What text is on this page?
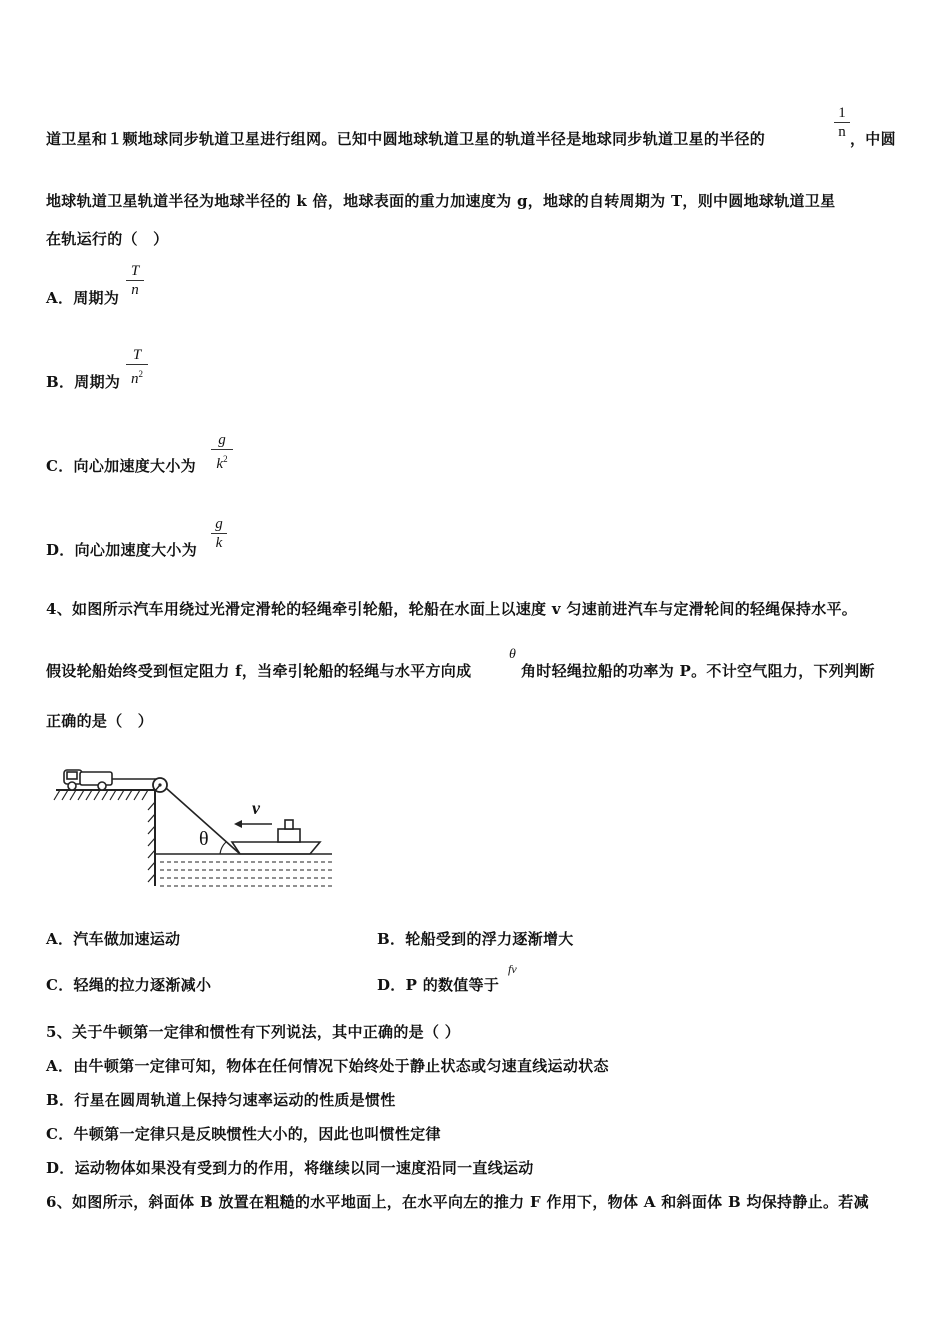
道卫星和１颗地球同步轨道卫星进行组网。已知中圆地球轨道卫星的轨道半径是地球同步轨道卫星的半径的
1
n ，中圆
地球轨道卫星轨道半径为地球半径的 k 倍，地球表面的重力加速度为 g，地球的自转周期为 T，则中圆地球轨道卫星
在轨运行的（　）
A．周期为
T
n
B．周期为
T
$n^2$
C．向心加速度大小为
g
$k^2$
D．向心加速度大小为
g
k
4、如图所示汽车用绕过光滑定滑轮的轻绳牵引轮船，轮船在水面上以速度 v 匀速前进汽车与定滑轮间的轻绳保持水平。
假设轮船始终受到恒定阻力 f，当牵引轮船的轻绳与水平方向成
θ
角时轻绳拉船的功率为 P。不计空气阻力，下列判断
正确的是（　）
v
θ
A．汽车做加速运动	B．轮船受到的浮力逐渐增大
C．轻绳的拉力逐渐减小	D．P 的数值等于
fv
5、关于牛顿第一定律和惯性有下列说法，其中正确的是（ ）
A．由牛顿第一定律可知，物体在任何情况下始终处于静止状态或匀速直线运动状态
B．行星在圆周轨道上保持匀速率运动的性质是惯性
C．牛顿第一定律只是反映惯性大小的，因此也叫惯性定律
D．运动物体如果没有受到力的作用，将继续以同一速度沿同一直线运动
6、如图所示，斜面体 B 放置在粗糙的水平地面上，在水平向左的推力 F 作用下，物体 A 和斜面体 B 均保持静止。若减
